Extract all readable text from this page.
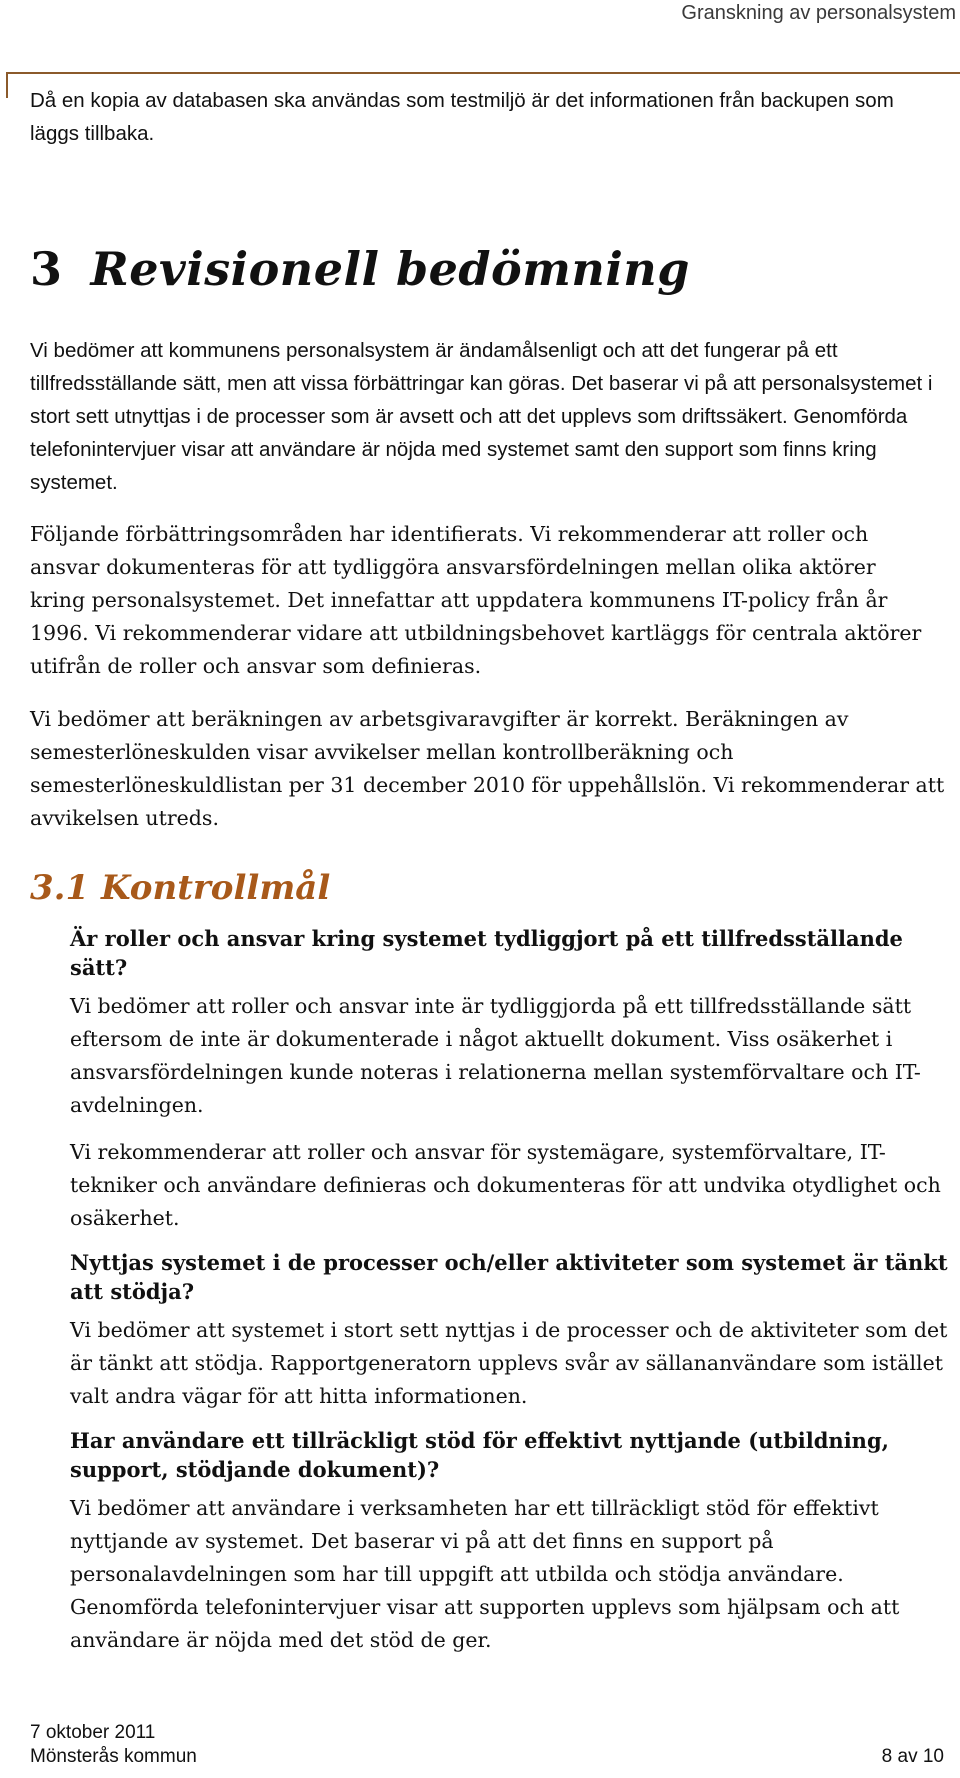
Granskning av personalsystem

Då en kopia av databasen ska användas som testmiljö är det informationen från backupen som läggs tillbaka.

3 Revisionell bedömning

Vi bedömer att kommunens personalsystem är ändamålsenligt och att det fungerar på ett tillfredsställande sätt, men att vissa förbättringar kan göras. Det baserar vi på att personalsystemet i stort sett utnyttjas i de processer som är avsett och att det upplevs som driftssäkert. Genomförda telefonintervjuer visar att användare är nöjda med systemet samt den support som finns kring systemet.

Följande förbättringsområden har identifierats. Vi rekommenderar att roller och ansvar dokumenteras för att tydliggöra ansvarsfördelningen mellan olika aktörer kring personalsystemet. Det innefattar att uppdatera kommunens IT-policy från år 1996. Vi rekommenderar vidare att utbildningsbehovet kartläggs för centrala aktörer utifrån de roller och ansvar som definieras.

Vi bedömer att beräkningen av arbetsgivaravgifter är korrekt. Beräkningen av semesterlöneskulden visar avvikelser mellan kontrollberäkning och semesterlöneskuldlistan per 31 december 2010 för uppehållslön. Vi rekommenderar att avvikelsen utreds.

3.1 Kontrollmål
Är roller och ansvar kring systemet tydliggjort på ett tillfredsställande sätt?

Vi bedömer att roller och ansvar inte är tydliggjorda på ett tillfredsställande sätt eftersom de inte är dokumenterade i något aktuellt dokument. Viss osäkerhet i ansvarsfördelningen kunde noteras i relationerna mellan systemförvaltare och IT-avdelningen.

Vi rekommenderar att roller och ansvar för systemägare, systemförvaltare, IT-tekniker och användare definieras och dokumenteras för att undvika otydlighet och osäkerhet.

Nyttjas systemet i de processer och/eller aktiviteter som systemet är tänkt att stödja?

Vi bedömer att systemet i stort sett nyttjas i de processer och de aktiviteter som det är tänkt att stödja. Rapportgeneratorn upplevs svår av sällananvändare som istället valt andra vägar för att hitta informationen.

Har användare ett tillräckligt stöd för effektivt nyttjande (utbildning, support, stödjande dokument)?

Vi bedömer att användare i verksamheten har ett tillräckligt stöd för effektivt nyttjande av systemet. Det baserar vi på att det finns en support på personalavdelningen som har till uppgift att utbilda och stödja användare. Genomförda telefonintervjuer visar att supporten upplevs som hjälpsam och att användare är nöjda med det stöd de ger.

7 oktober 2011
Mönsterås kommun	8 av 10
